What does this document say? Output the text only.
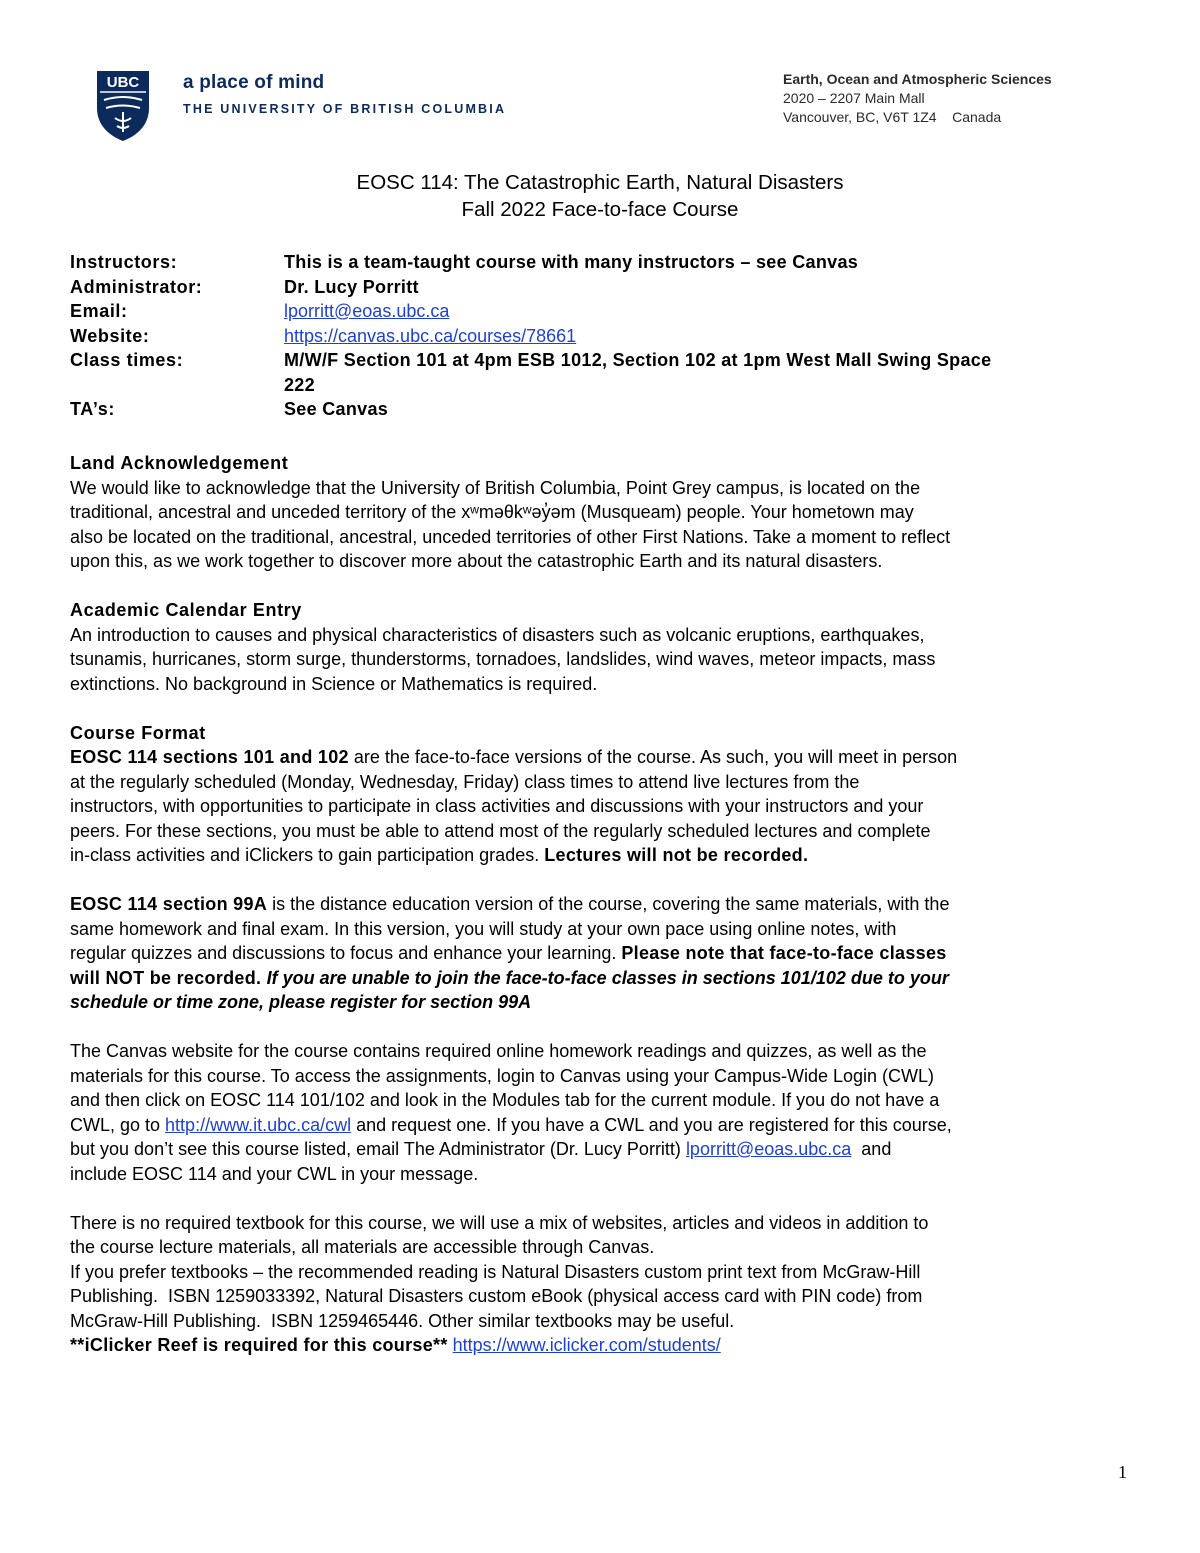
UBC a place of mind
THE UNIVERSITY OF BRITISH COLUMBIA
Earth, Ocean and Atmospheric Sciences
2020 – 2207 Main Mall
Vancouver, BC, V6T 1Z4    Canada
EOSC 114: The Catastrophic Earth, Natural Disasters
Fall 2022 Face-to-face Course
Instructors:	This is a team-taught course with many instructors – see Canvas
Administrator:	Dr. Lucy Porritt
Email:	lporritt@eoas.ubc.ca
Website:	https://canvas.ubc.ca/courses/78661
Class times:	M/W/F Section 101 at 4pm ESB 1012, Section 102 at 1pm West Mall Swing Space
222
TA’s:	See Canvas

Land Acknowledgement

We would like to acknowledge that the University of British Columbia, Point Grey campus, is located on the

traditional, ancestral and unceded territory of the xʷməθkʷəy̓əm (Musqueam) people. Your hometown may

also be located on the traditional, ancestral, unceded territories of other First Nations. Take a moment to reflect

upon this, as we work together to discover more about the catastrophic Earth and its natural disasters.

Academic Calendar Entry

An introduction to causes and physical characteristics of disasters such as volcanic eruptions, earthquakes,

tsunamis, hurricanes, storm surge, thunderstorms, tornadoes, landslides, wind waves, meteor impacts, mass

extinctions. No background in Science or Mathematics is required.

Course Format

EOSC 114 sections 101 and 102 are the face-to-face versions of the course. As such, you will meet in person

at the regularly scheduled (Monday, Wednesday, Friday) class times to attend live lectures from the

instructors, with opportunities to participate in class activities and discussions with your instructors and your

peers. For these sections, you must be able to attend most of the regularly scheduled lectures and complete

in-class activities and iClickers to gain participation grades. Lectures will not be recorded.

EOSC 114 section 99A is the distance education version of the course, covering the same materials, with the

same homework and final exam. In this version, you will study at your own pace using online notes, with

regular quizzes and discussions to focus and enhance your learning. Please note that face-to-face classes

will NOT be recorded. If you are unable to join the face-to-face classes in sections 101/102 due to your

schedule or time zone, please register for section 99A

The Canvas website for the course contains required online homework readings and quizzes, as well as the

materials for this course. To access the assignments, login to Canvas using your Campus-Wide Login (CWL)

and then click on EOSC 114 101/102 and look in the Modules tab for the current module. If you do not have a

CWL, go to http://www.it.ubc.ca/cwl and request one. If you have a CWL and you are registered for this course,

but you don’t see this course listed, email The Administrator (Dr. Lucy Porritt) lporritt@eoas.ubc.ca  and

include EOSC 114 and your CWL in your message.

There is no required textbook for this course, we will use a mix of websites, articles and videos in addition to

the course lecture materials, all materials are accessible through Canvas.

If you prefer textbooks – the recommended reading is Natural Disasters custom print text from McGraw-Hill

Publishing.  ISBN 1259033392, Natural Disasters custom eBook (physical access card with PIN code) from

McGraw-Hill Publishing.  ISBN 1259465446. Other similar textbooks may be useful.

**iClicker Reef is required for this course** https://www.iclicker.com/students/

1
